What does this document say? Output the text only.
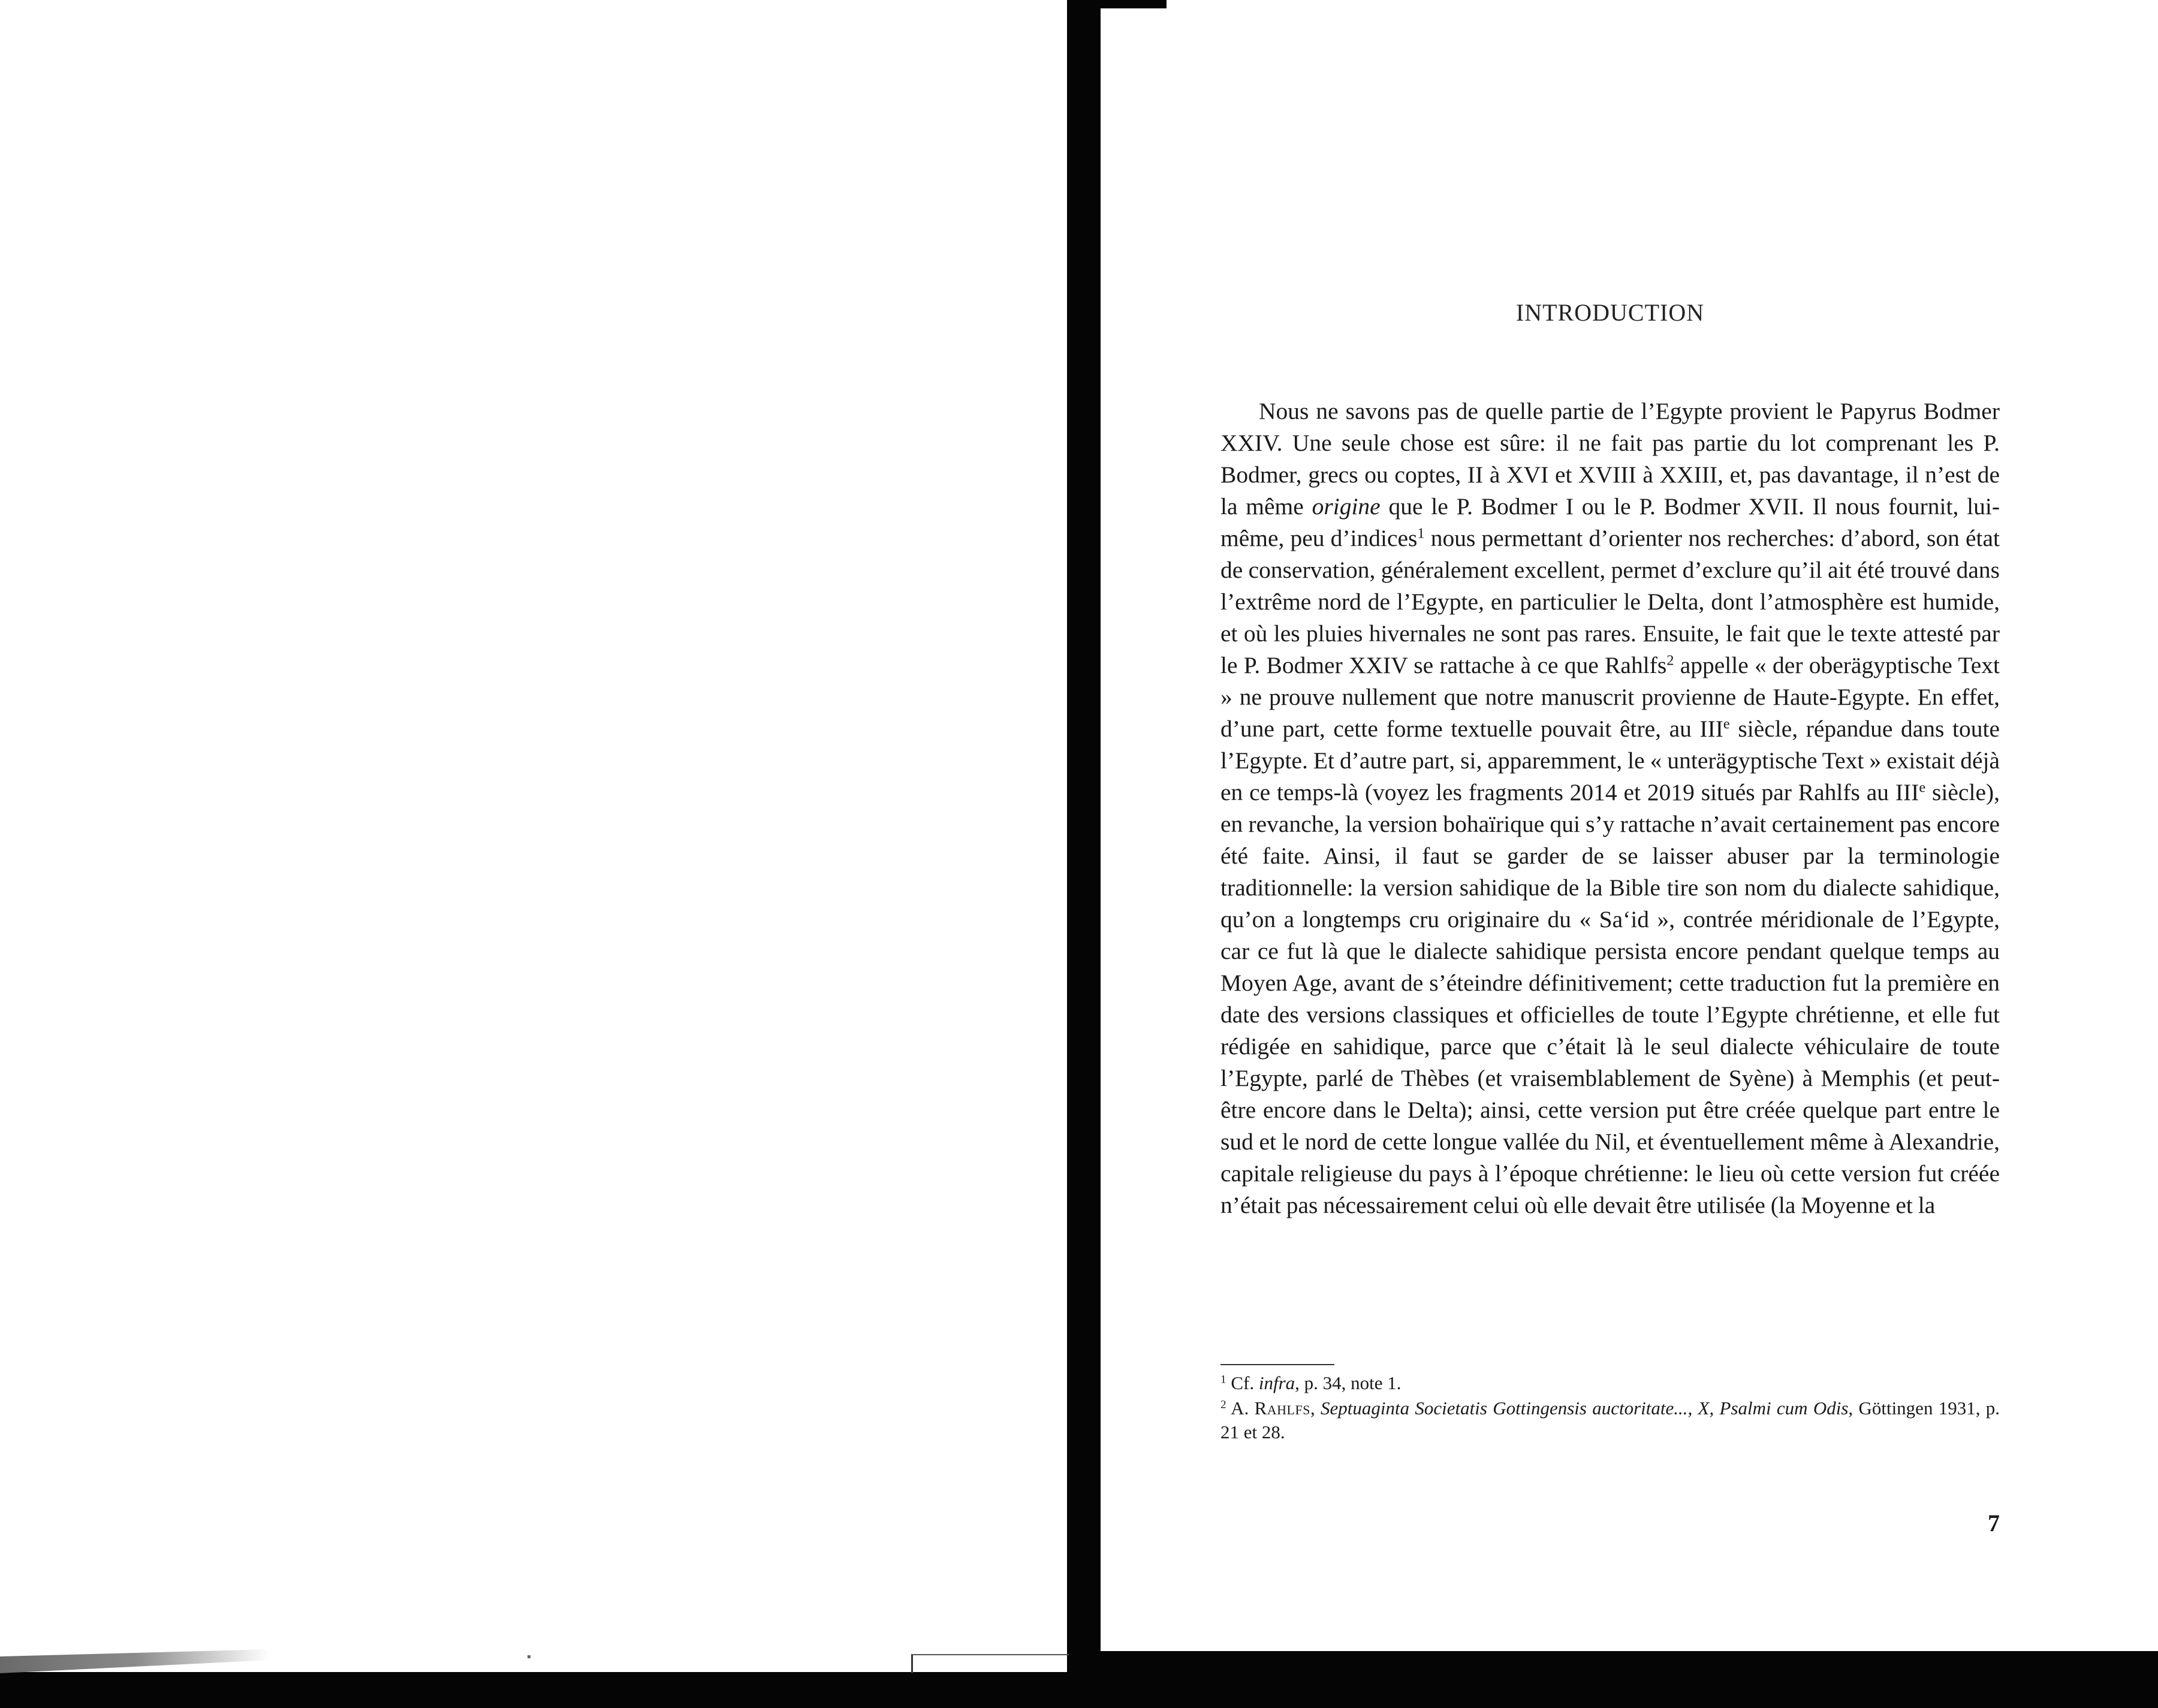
INTRODUCTION

Nous ne savons pas de quelle partie de l’Egypte provient le Papyrus Bodmer XXIV. Une seule chose est sûre: il ne fait pas partie du lot comprenant les P. Bodmer, grecs ou coptes, II à XVI et XVIII à XXIII, et, pas davantage, il n’est de la même origine que le P. Bodmer I ou le P. Bodmer XVII. Il nous fournit, lui-même, peu d’indices$^1$ nous permettant d’orienter nos recherches: d’abord, son état de conservation, généralement excellent, permet d’exclure qu’il ait été trouvé dans l’extrême nord de l’Egypte, en particulier le Delta, dont l’atmosphère est humide, et où les pluies hivernales ne sont pas rares. Ensuite, le fait que le texte attesté par le P. Bodmer XXIV se rattache à ce que Rahlfs$^2$ appelle « der oberägyptische Text » ne prouve nullement que notre manuscrit provienne de Haute-Egypte. En effet, d’une part, cette forme textuelle pouvait être, au IIIe siècle, répandue dans toute l’Egypte. Et d’autre part, si, apparemment, le « unterägyptische Text » existait déjà en ce temps-là (voyez les fragments 2014 et 2019 situés par Rahlfs au IIIe siècle), en revanche, la version bohaïrique qui s’y rattache n’avait certainement pas encore été faite. Ainsi, il faut se garder de se laisser abuser par la terminologie traditionnelle: la version sahidique de la Bible tire son nom du dialecte sahidique, qu’on a longtemps cru originaire du « Sa‘id », contrée méridionale de l’Egypte, car ce fut là que le dialecte sahidique persista encore pendant quelque temps au Moyen Age, avant de s’éteindre définitivement; cette traduction fut la première en date des versions classiques et officielles de toute l’Egypte chrétienne, et elle fut rédigée en sahidique, parce que c’était là le seul dialecte véhiculaire de toute l’Egypte, parlé de Thèbes (et vraisemblablement de Syène) à Memphis (et peut-être encore dans le Delta); ainsi, cette version put être créée quelque part entre le sud et le nord de cette longue vallée du Nil, et éventuellement même à Alexandrie, capitale religieuse du pays à l’époque chrétienne: le lieu où cette version fut créée n’était pas nécessairement celui où elle devait être utilisée (la Moyenne et la

$^1$ Cf. infra, p. 34, note 1.

$^2$ A. Rahlfs, Septuaginta Societatis Gottingensis auctoritate..., X, Psalmi cum Odis, Göttingen 1931, p. 21 et 28.

7
